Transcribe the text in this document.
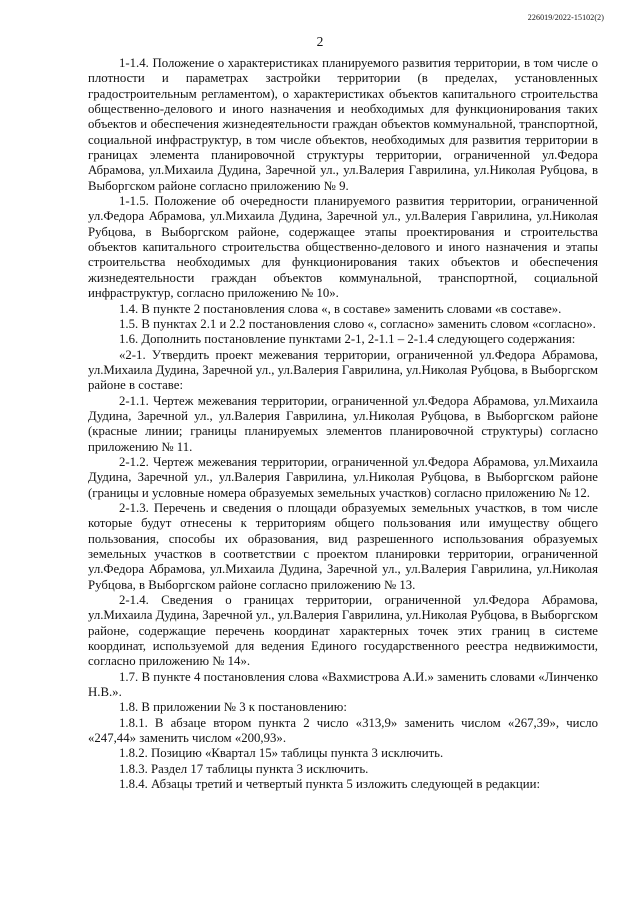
226019/2022-15102(2)
2

1-1.4. Положение о характеристиках планируемого развития территории, в том числе о плотности и параметрах застройки территории (в пределах, установленных градостроительным регламентом), о характеристиках объектов капитального строительства общественно-делового и иного назначения и необходимых для функционирования таких объектов и обеспечения жизнедеятельности граждан объектов коммунальной, транспортной, социальной инфраструктур, в том числе объектов, необходимых для развития территории в границах элемента планировочной структуры территории, ограниченной ул.Федора Абрамова, ул.Михаила Дудина, Заречной ул., ул.Валерия Гаврилина, ул.Николая Рубцова, в Выборгском районе согласно приложению № 9.

1-1.5. Положение об очередности планируемого развития территории, ограниченной ул.Федора Абрамова, ул.Михаила Дудина, Заречной ул., ул.Валерия Гаврилина, ул.Николая Рубцова, в Выборгском районе, содержащее этапы проектирования и строительства объектов капитального строительства общественно-делового и иного назначения и этапы строительства необходимых для функционирования таких объектов и обеспечения жизнедеятельности граждан объектов коммунальной, транспортной, социальной инфраструктур, согласно приложению № 10».

1.4. В пункте 2 постановления слова «, в составе» заменить словами «в составе».

1.5. В пунктах 2.1 и 2.2 постановления слово «, согласно» заменить словом «согласно».

1.6. Дополнить постановление пунктами 2-1, 2-1.1 – 2-1.4 следующего содержания:

«2-1. Утвердить проект межевания территории, ограниченной ул.Федора Абрамова, ул.Михаила Дудина, Заречной ул., ул.Валерия Гаврилина, ул.Николая Рубцова, в Выборгском районе в составе:

2-1.1. Чертеж межевания территории, ограниченной ул.Федора Абрамова, ул.Михаила Дудина, Заречной ул., ул.Валерия Гаврилина, ул.Николая Рубцова, в Выборгском районе (красные линии; границы планируемых элементов планировочной структуры) согласно приложению № 11.

2-1.2. Чертеж межевания территории, ограниченной ул.Федора Абрамова, ул.Михаила Дудина, Заречной ул., ул.Валерия Гаврилина, ул.Николая Рубцова, в Выборгском районе (границы и условные номера образуемых земельных участков) согласно приложению № 12.

2-1.3. Перечень и сведения о площади образуемых земельных участков, в том числе которые будут отнесены к территориям общего пользования или имуществу общего пользования, способы их образования, вид разрешенного использования образуемых земельных участков в соответствии с проектом планировки территории, ограниченной ул.Федора Абрамова, ул.Михаила Дудина, Заречной ул., ул.Валерия Гаврилина, ул.Николая Рубцова, в Выборгском районе согласно приложению № 13.

2-1.4. Сведения о границах территории, ограниченной ул.Федора Абрамова, ул.Михаила Дудина, Заречной ул., ул.Валерия Гаврилина, ул.Николая Рубцова, в Выборгском районе, содержащие перечень координат характерных точек этих границ в системе координат, используемой для ведения Единого государственного реестра недвижимости, согласно приложению № 14».

1.7. В пункте 4 постановления слова «Вахмистрова А.И.» заменить словами «Линченко Н.В.».

1.8. В приложении № 3 к постановлению:

1.8.1. В абзаце втором пункта 2 число «313,9» заменить числом «267,39», число «247,44» заменить числом «200,93».

1.8.2. Позицию «Квартал 15» таблицы пункта 3 исключить.

1.8.3. Раздел 17 таблицы пункта 3 исключить.

1.8.4. Абзацы третий и четвертый пункта 5 изложить следующей в редакции:
